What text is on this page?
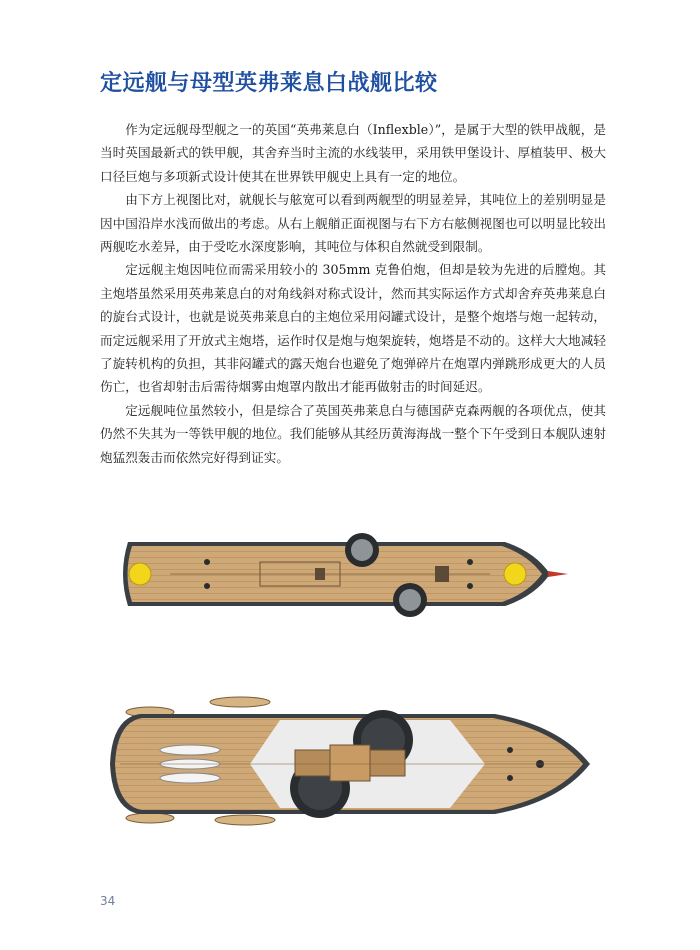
定远舰与母型英弗莱息白战舰比较

作为定远舰母型舰之一的英国“英弗莱息白（Inflexble）”，是属于大型的铁甲战舰，是当时英国最新式的铁甲舰，其舍弃当时主流的水线装甲，采用铁甲堡设计、厚植装甲、极大口径巨炮与多项新式设计使其在世界铁甲舰史上具有一定的地位。

由下方上视图比对，就舰长与舷宽可以看到两舰型的明显差异，其吨位上的差别明显是因中国沿岸水浅而做出的考虑。从右上舰艏正面视图与右下方右舷侧视图也可以明显比较出两舰吃水差异，由于受吃水深度影响，其吨位与体积自然就受到限制。

定远舰主炮因吨位而需采用较小的 305mm 克鲁伯炮，但却是较为先进的后膛炮。其主炮塔虽然采用英弗莱息白的对角线斜对称式设计，然而其实际运作方式却舍弃英弗莱息白的旋台式设计，也就是说英弗莱息白的主炮位采用闷罐式设计，是整个炮塔与炮一起转动，而定远舰采用了开放式主炮塔，运作时仅是炮与炮架旋转，炮塔是不动的。这样大大地减轻了旋转机构的负担，其非闷罐式的露天炮台也避免了炮弹碎片在炮罩内弹跳形成更大的人员伤亡，也省却射击后需待烟雾由炮罩内散出才能再做射击的时间延迟。

定远舰吨位虽然较小，但是综合了英国英弗莱息白与德国萨克森两舰的各项优点，使其仍然不失其为一等铁甲舰的地位。我们能够从其经历黄海海战一整个下午受到日本舰队速射炮猛烈轰击而依然完好得到证实。

34
